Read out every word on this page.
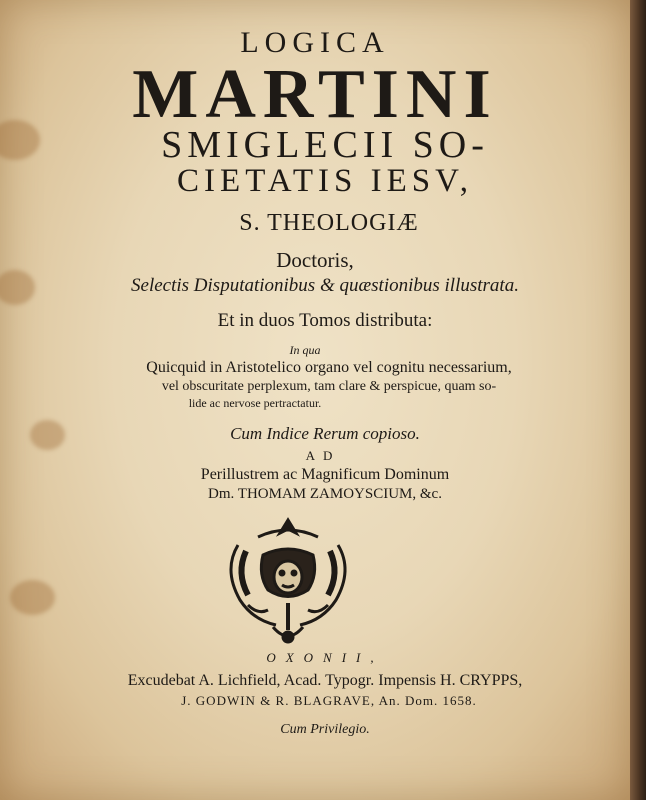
LOGICA
MARTINI
SMIGLECII SO-
CIETATIS IESV,
S. THEOLOGIÆ
Doctoris,
Selectis Disputationibus & quæstionibus illustrata.
Et in duos Tomos distributa:
In qua
Quicquid in Aristotelico organo vel cognitu necessarium,
vel obscuritate perplexum, tam clare & perspicue, quam so-
lide ac nervose pertractatur.
Cum Indice Rerum copioso.
AD
Perillustrem ac Magnificum Dominum
Dm. THOMAM ZAMOYSCIUM, &c.
OXONII,
Excudebat A. Lichfield, Acad. Typogr. Impensis H. CRYPPS,
J. GODWIN & R. BLAGRAVE, An. Dom. 1658.
Cum Privilegio.
